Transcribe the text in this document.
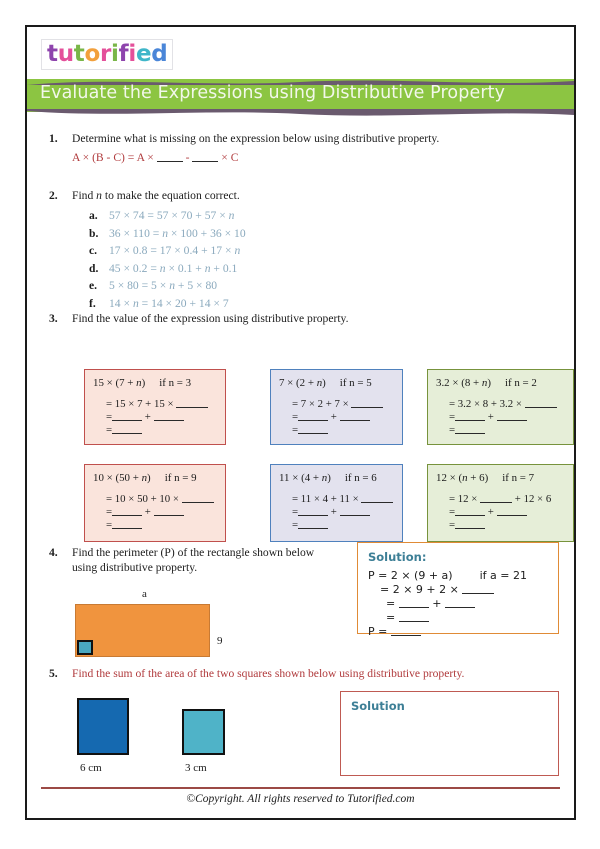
tutorified
Evaluate the Expressions using Distributive Property
1. Determine what is missing on the expression below using distributive property.
A × (B - C) = A ×  -  × C
2. Find n to make the equation correct.
a. 57 × 74 = 57 × 70 + 57 × n
b. 36 × 110 = n × 100 + 36 × 10
c. 17 × 0.8 = 17 × 0.4 + 17 × n
d. 45 × 0.2 = n × 0.1 + n + 0.1
e. 5 × 80 = 5 × n + 5 × 80
f. 14 × n = 14 × 20 + 14 × 7
3. Find the value of the expression using distributive property.
15 × (7 + n) if n = 3
= 15 × 7 + 15 ×
=	+
=
7 × (2 + n) if n = 5
= 7 × 2 + 7 ×
=	+
=
3.2 × (8 + n) if n = 2
= 3.2 × 8 + 3.2 ×
=	+
=
10 × (50 + n) if n = 9
= 10 × 50 + 10 ×
=	+
=
11 × (4 + n) if n = 6
= 11 × 4 + 11 ×
=	+
=
12 × (n + 6) if n = 7
= 12 ×	+ 12 × 6
=	+
=
4. Find the perimeter (P) of the rectangle shown below
using distributive property.
a
9
Solution:
P = 2 × (9 + a) if a = 21
= 2 × 9 + 2 ×
=	+
=
P =
5. Find the sum of the area of the two squares shown below using distributive property.
6 cm	3 cm
Solution
©Copyright. All rights reserved to Tutorified.com
